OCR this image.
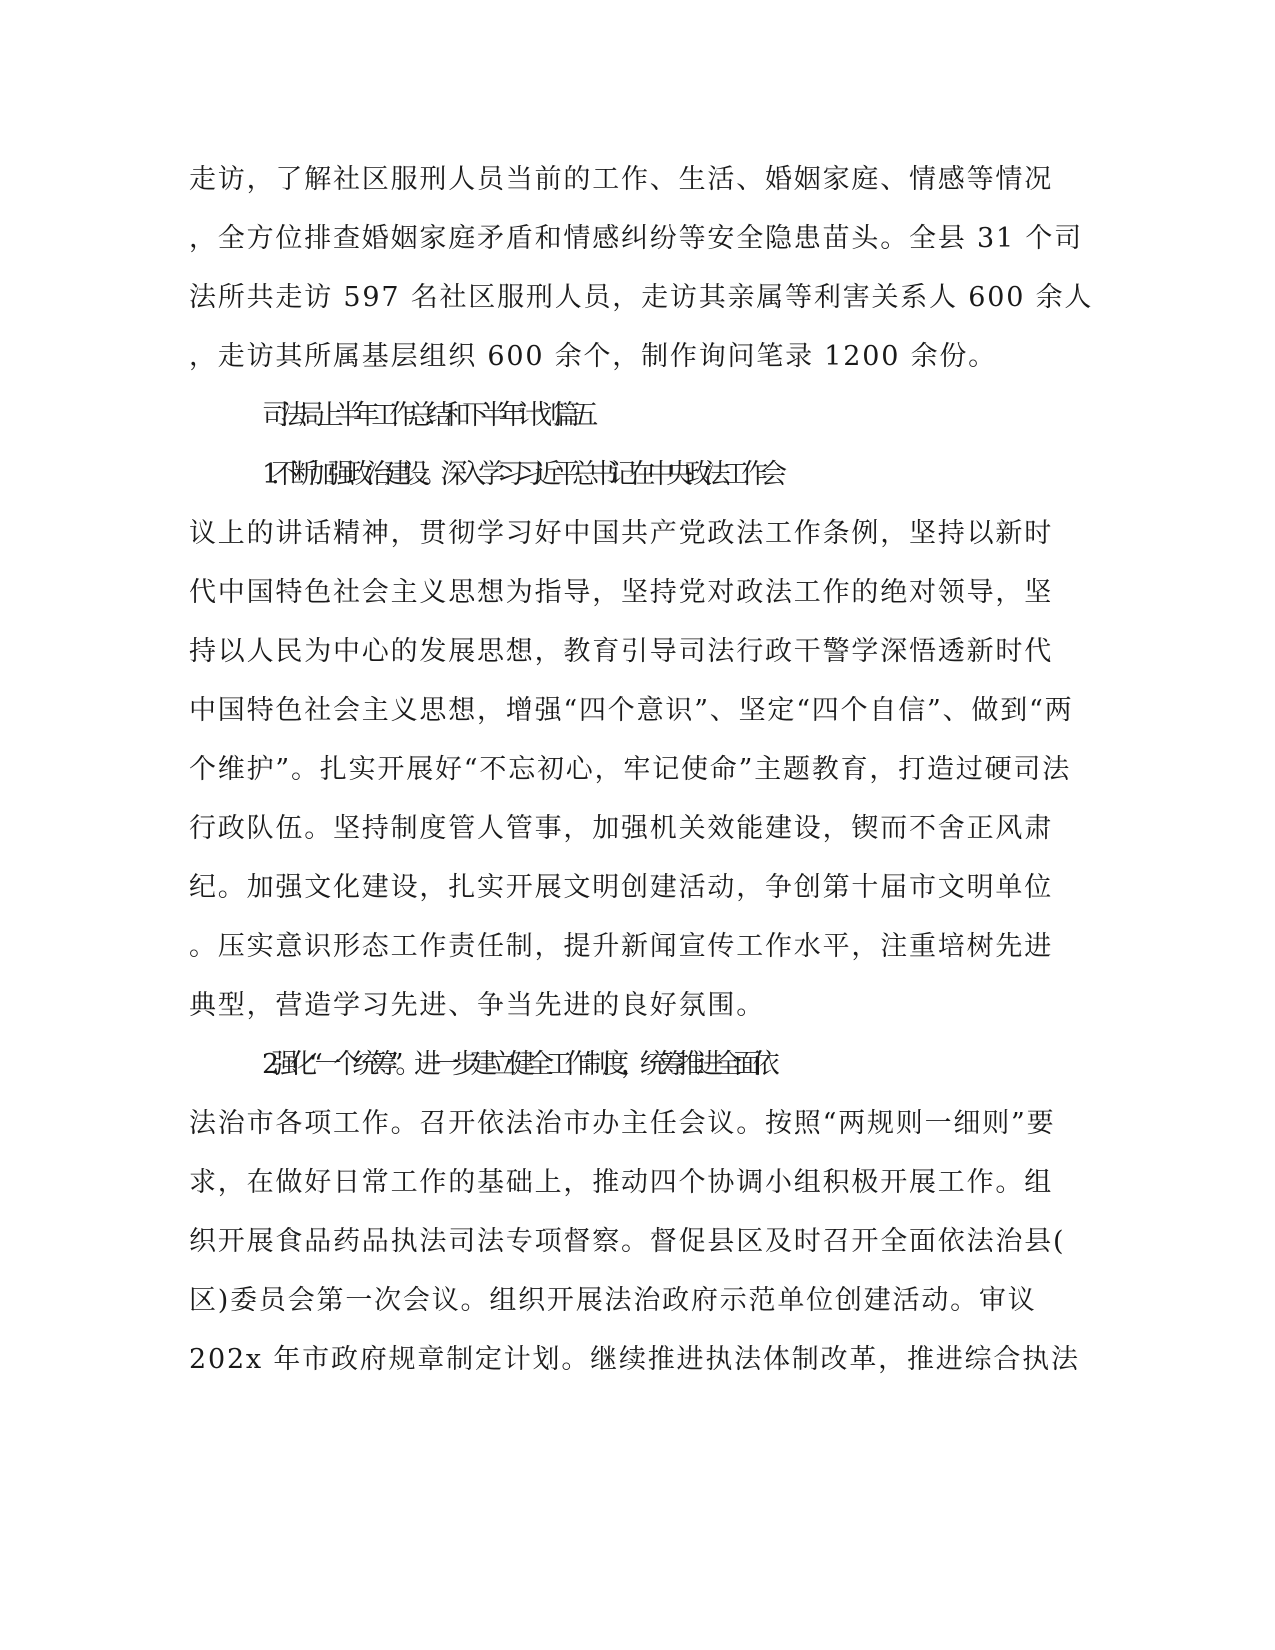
走访，了解社区服刑人员当前的工作、生活、婚姻家庭、情感等情况
，全方位排查婚姻家庭矛盾和情感纠纷等安全隐患苗头。全县 31 个司
法所共走访 597 名社区服刑人员，走访其亲属等利害关系人 600 余人
，走访其所属基层组织 600 余个，制作询问笔录 1200 余份。
司法局上半年工作总结和下半年计划篇五
1.不断加强政治建设。深入学习习近平总书记在中央政法工作会
议上的讲话精神，贯彻学习好中国共产党政法工作条例，坚持以新时
代中国特色社会主义思想为指导，坚持党对政法工作的绝对领导，坚
持以人民为中心的发展思想，教育引导司法行政干警学深悟透新时代
中国特色社会主义思想，增强“四个意识”、坚定“四个自信”、做到“两
个维护”。扎实开展好“不忘初心，牢记使命”主题教育，打造过硬司法
行政队伍。坚持制度管人管事，加强机关效能建设，锲而不舍正风肃
纪。加强文化建设，扎实开展文明创建活动，争创第十届市文明单位
。压实意识形态工作责任制，提升新闻宣传工作水平，注重培树先进
典型，营造学习先进、争当先进的良好氛围。
2.强化“一个统筹”。进一步建立健全工作制度，统筹推进全面依
法治市各项工作。召开依法治市办主任会议。按照“两规则一细则”要
求，在做好日常工作的基础上，推动四个协调小组积极开展工作。组
织开展食品药品执法司法专项督察。督促县区及时召开全面依法治县(
区)委员会第一次会议。组织开展法治政府示范单位创建活动。审议
202x 年市政府规章制定计划。继续推进执法体制改革，推进综合执法
